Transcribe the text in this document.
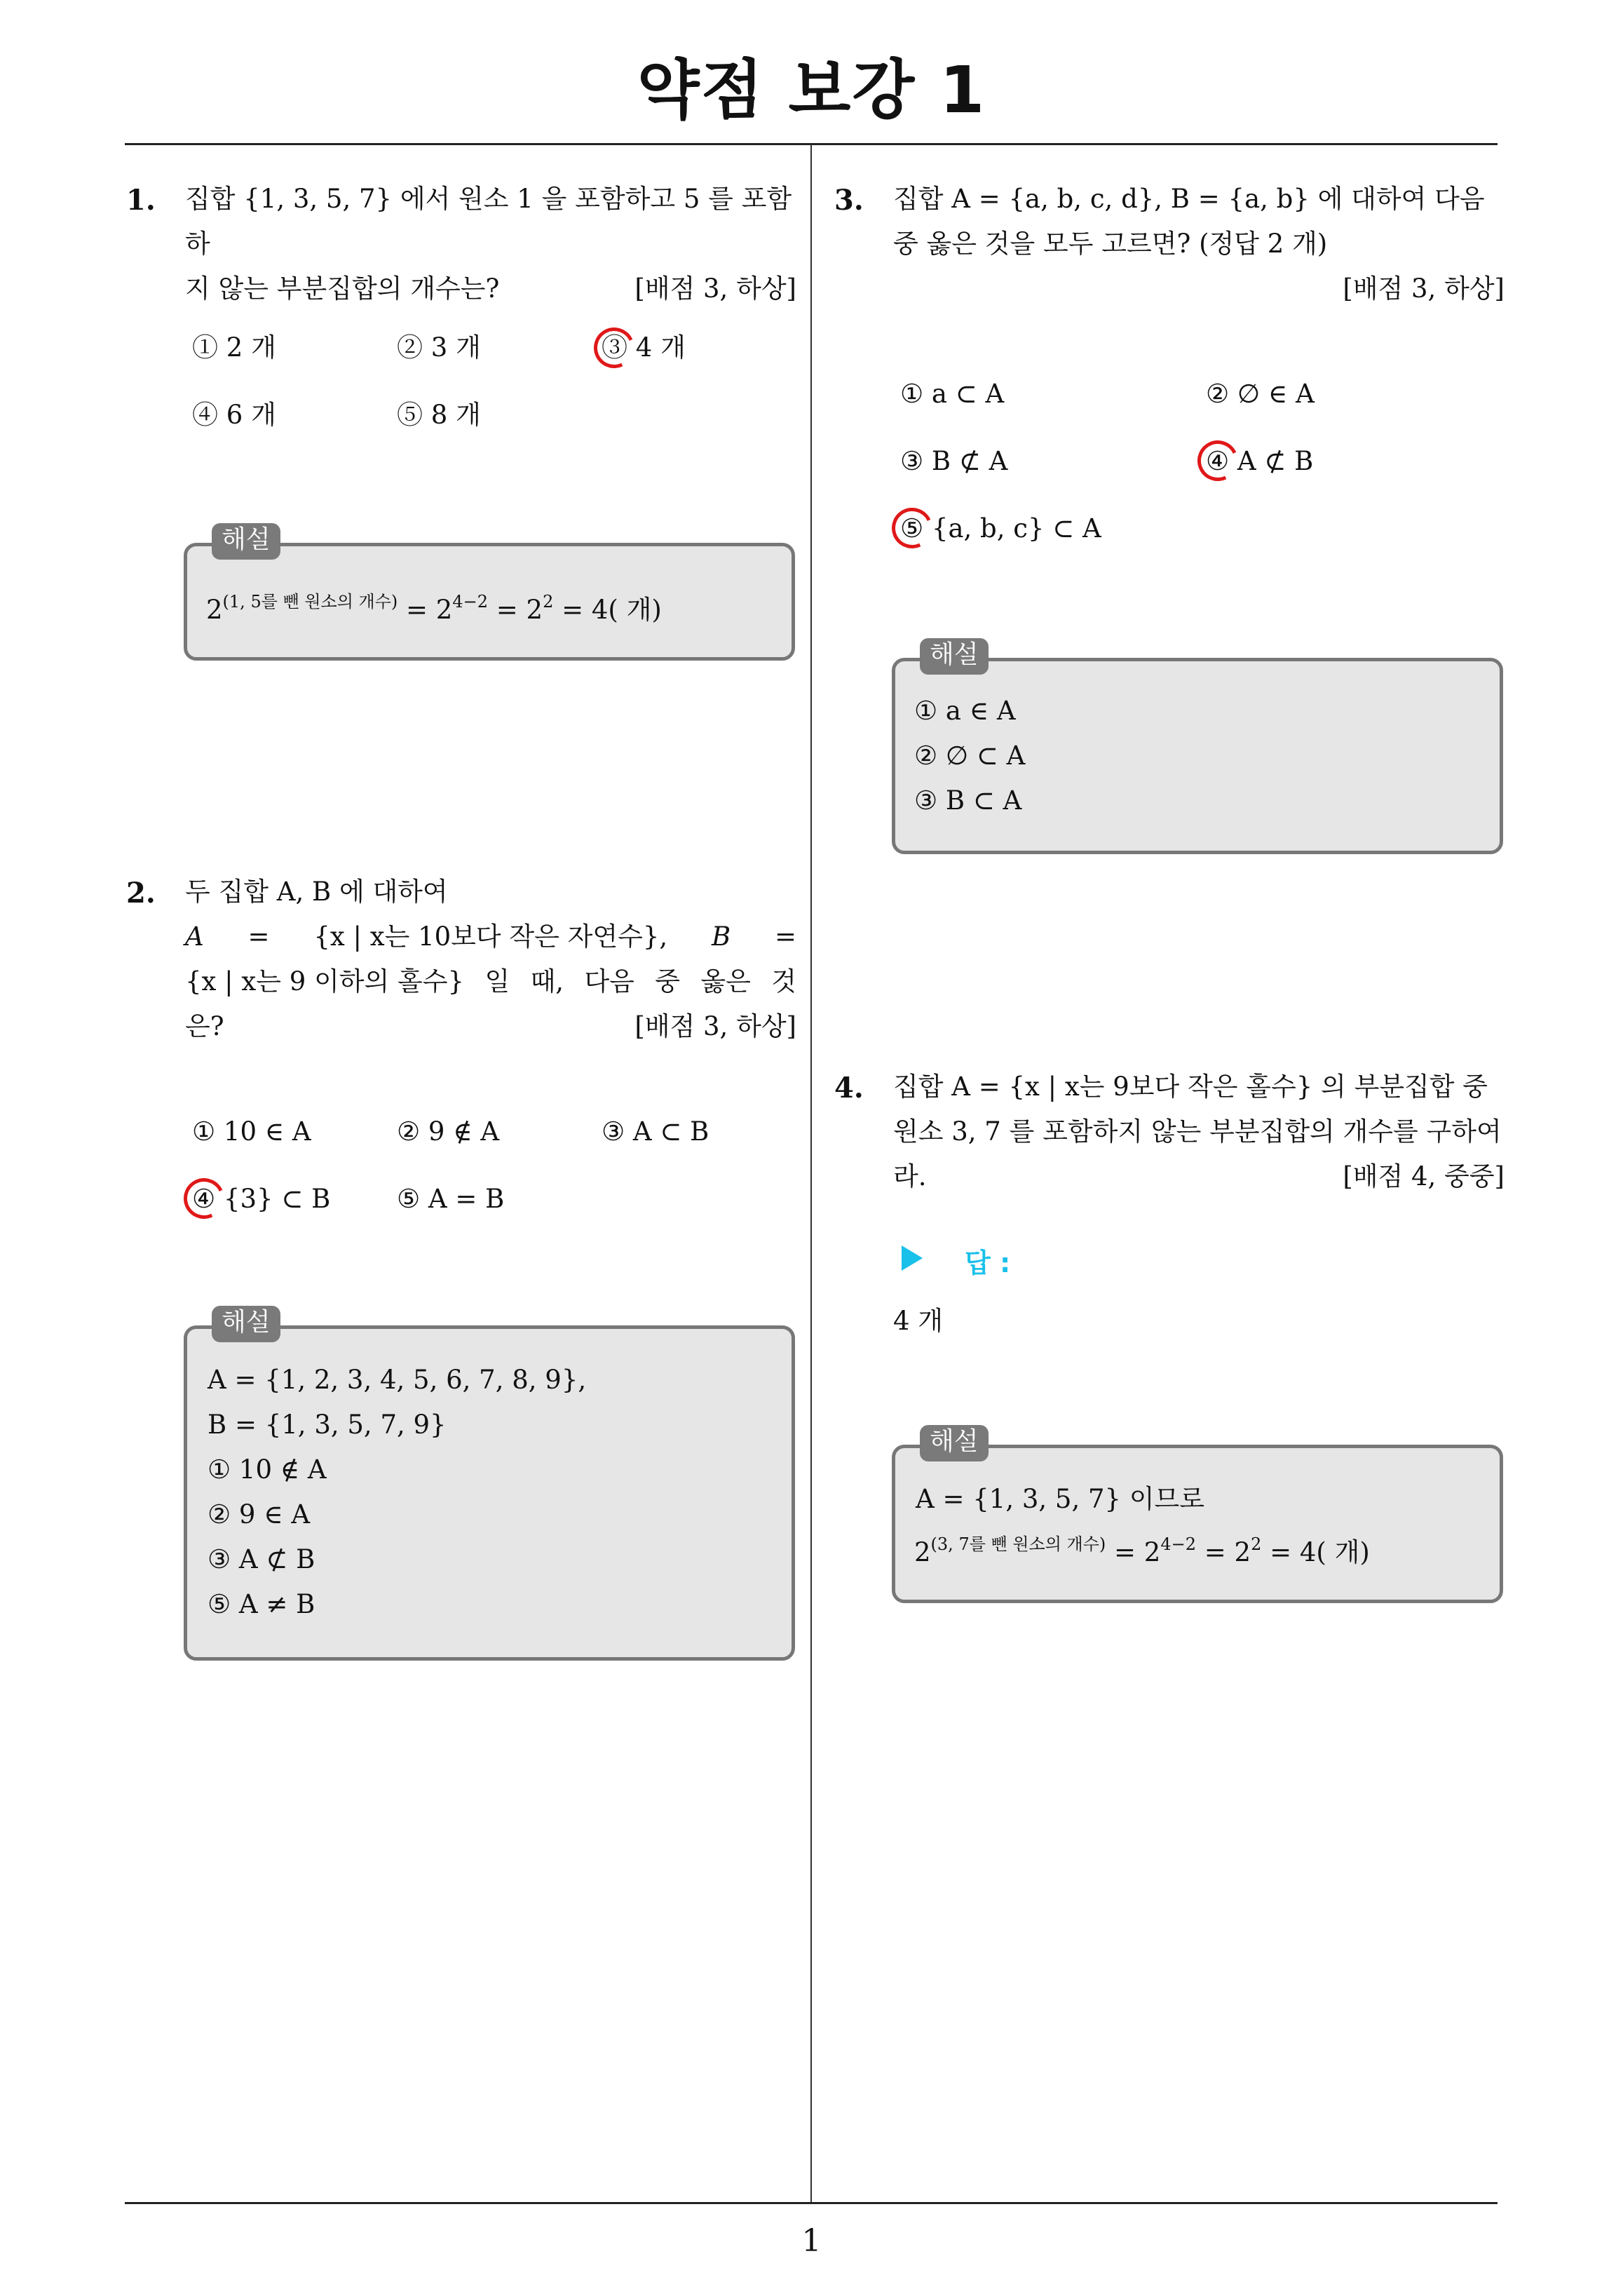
약점 보강 1
1. 집합 {1, 3, 5, 7} 에서 원소 1 을 포함하고 5 를 포함하
지 않는 부분집합의 개수는?	[배점 3, 하상]
① 2 개	② 3 개	③ 4 개
④ 6 개	⑤ 8 개
해설
$2^{(1, 5를 뺀 원소의 개수)} = 2^{4-2} = 2^2 = 4$( 개)
2. 두 집합 A, B 에 대하여
A = {x | x는 10보다 작은 자연수}, B =
{x | x는 9 이하의 홀수} 일 때, 다음 중 옳은 것
은?	[배점 3, 하상]
① 10 ∈ A	② 9 ∉ A	③ A ⊂ B
④ {3} ⊂ B	⑤ A = B
해설
A = {1, 2, 3, 4, 5, 6, 7, 8, 9},
B = {1, 3, 5, 7, 9}
① 10 ∉ A
② 9 ∈ A
③ A ⊄ B
⑤ A ≠ B
3. 집합 A = {a, b, c, d}, B = {a, b} 에 대하여 다음
중 옳은 것을 모두 고르면? (정답 2 개)
[배점 3, 하상]
① a ⊂ A	② ∅ ∈ A
③ B ⊄ A	④ A ⊄ B
⑤ {a, b, c} ⊂ A
해설
① a ∈ A
② ∅ ⊂ A
③ B ⊂ A
4. 집합 A = {x | x는 9보다 작은 홀수} 의 부분집합 중
원소 3, 7 를 포함하지 않는 부분집합의 개수를 구하여
라.	[배점 4, 중중]
답 :
4 개
해설
A = {1, 3, 5, 7} 이므로
$2^{(3, 7를 뺀 원소의 개수)} = 2^{4-2} = 2^2 = 4$( 개)
1
